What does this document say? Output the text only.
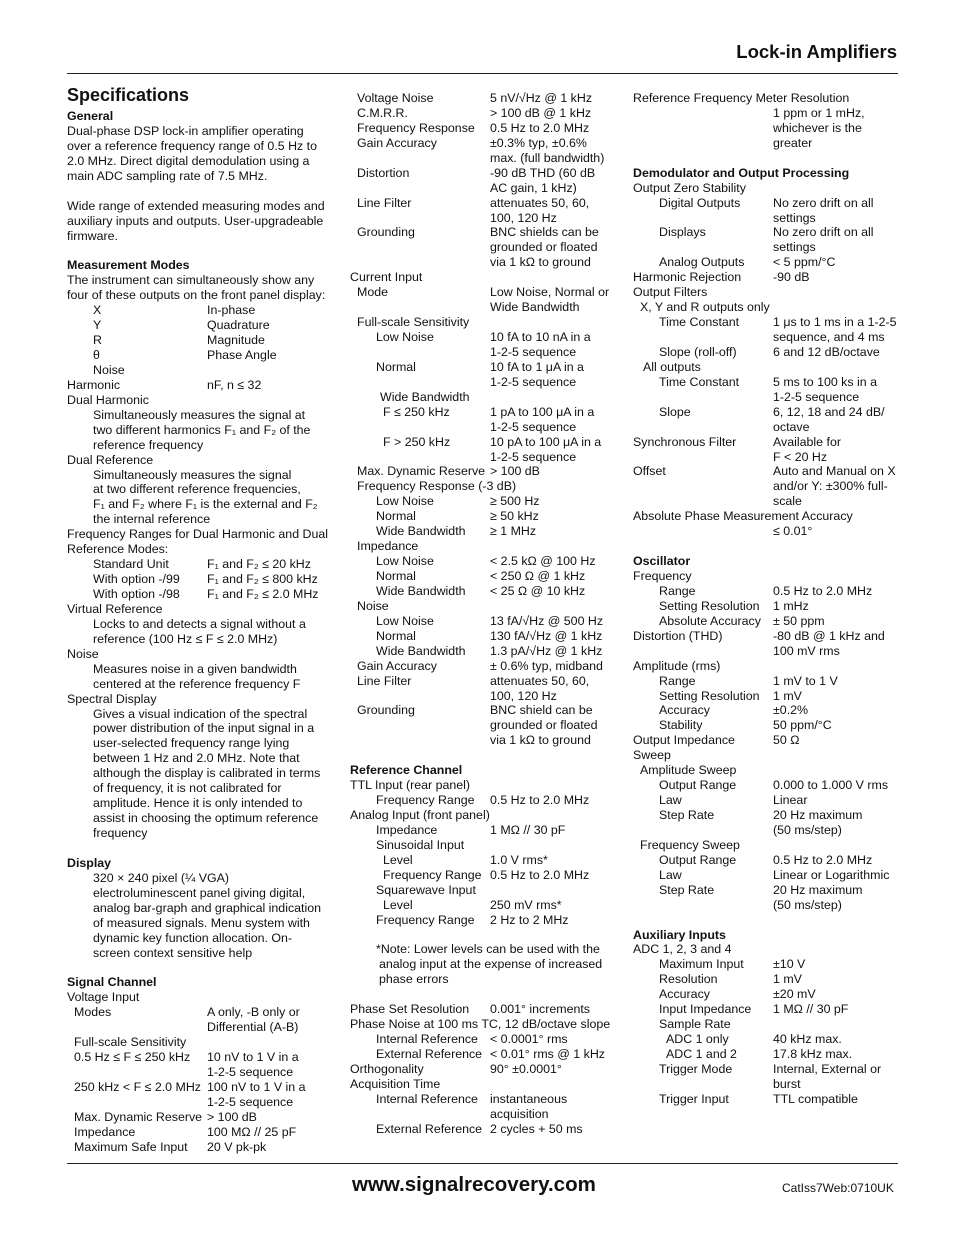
Lock-in Amplifiers
Specifications
General
Dual-phase DSP lock-in amplifier operating
over a reference frequency range of 0.5 Hz to
2.0 MHz. Direct digital demodulation using a
main ADC sampling rate of 7.5 MHz.
Wide range of extended measuring modes and
auxiliary inputs and outputs. User-upgradeable
firmware.
Measurement Modes
The instrument can simultaneously show any
four of these outputs on the front panel display:
X	In-phase
Y	Quadrature
R	Magnitude
θ	Phase Angle
Noise
Harmonic	nF, n ≤ 32
Dual Harmonic
Simultaneously measures the signal at
two different harmonics F₁ and F₂ of the
reference frequency
Dual Reference
Simultaneously measures the signal
at two different reference frequencies,
F₁ and F₂ where F₁ is the external and F₂
the internal reference
Frequency Ranges for Dual Harmonic and Dual
Reference Modes:
Standard Unit	F₁ and F₂ ≤ 20 kHz
With option -/99 F₁ and F₂ ≤ 800 kHz
With option -/98 F₁ and F₂ ≤ 2.0 MHz
Virtual Reference
Locks to and detects a signal without a
reference (100 Hz ≤ F ≤ 2.0 MHz)
Noise
Measures noise in a given bandwidth
centered at the reference frequency F
Spectral Display
Gives a visual indication of the spectral
power distribution of the input signal in a
user-selected frequency range lying
between 1 Hz and 2.0 MHz. Note that
although the display is calibrated in terms
of frequency, it is not calibrated for
amplitude. Hence it is only intended to
assist in choosing the optimum reference
frequency
Display
320 × 240 pixel (¼ VGA)
electroluminescent panel giving digital,
analog bar-graph and graphical indication
of measured signals. Menu system with
dynamic key function allocation. On-
screen context sensitive help
Signal Channel
Voltage Input
Modes	A only, -B only or
Differential (A-B)
Full-scale Sensitivity
0.5 Hz ≤ F ≤ 250 kHz 10 nV to 1 V in a
1-2-5 sequence
250 kHz < F ≤ 2.0 MHz 100 nV to 1 V in a
1-2-5 sequence
Max. Dynamic Reserve > 100 dB
Impedance	100 MΩ // 25 pF
Maximum Safe Input 20 V pk-pk
Voltage Noise	5 nV/√Hz @ 1 kHz
C.M.R.R.	> 100 dB @ 1 kHz
Frequency Response 0.5 Hz to 2.0 MHz
Gain Accuracy	±0.3% typ, ±0.6%
max. (full bandwidth)
Distortion	-90 dB THD (60 dB
AC gain, 1 kHz)
Line Filter	attenuates 50, 60,
100, 120 Hz
Grounding	BNC shields can be
grounded or floated
via 1 kΩ to ground
Current Input
Mode	Low Noise, Normal or
Wide Bandwidth
Full-scale Sensitivity
Low Noise	10 fA to 10 nA in a
1-2-5 sequence
Normal	10 fA to 1 μA in a
1-2-5 sequence
Wide Bandwidth
F ≤ 250 kHz	1 pA to 100 μA in a
1-2-5 sequence
F > 250 kHz	10 pA to 100 μA in a
1-2-5 sequence
Max. Dynamic Reserve > 100 dB
Frequency Response (-3 dB)
Low Noise	≥ 500 Hz
Normal	≥ 50 kHz
Wide Bandwidth ≥ 1 MHz
Impedance
Low Noise	< 2.5 kΩ @ 100 Hz
Normal	< 250 Ω @ 1 kHz
Wide Bandwidth < 25 Ω @ 10 kHz
Noise
Low Noise	13 fA/√Hz @ 500 Hz
Normal	130 fA/√Hz @ 1 kHz
Wide Bandwidth 1.3 pA/√Hz @ 1 kHz
Gain Accuracy	± 0.6% typ, midband
Line Filter	attenuates 50, 60,
100, 120 Hz
Grounding	BNC shield can be
grounded or floated
via 1 kΩ to ground
Reference Channel
TTL Input (rear panel)
Frequency Range 0.5 Hz to 2.0 MHz
Analog Input (front panel)
Impedance	1 MΩ // 30 pF
Sinusoidal Input
Level	1.0 V rms*
Frequency Range 0.5 Hz to 2.0 MHz
Squarewave Input
Level	250 mV rms*
Frequency Range 2 Hz to 2 MHz
*Note: Lower levels can be used with the
analog input at the expense of increased
phase errors
Phase Set Resolution 0.001° increments
Phase Noise at 100 ms TC, 12 dB/octave slope
Internal Reference < 0.0001° rms
External Reference < 0.01° rms @ 1 kHz
Orthogonality	90° ±0.0001°
Acquisition Time
Internal Reference instantaneous
acquisition
External Reference 2 cycles + 50 ms
Reference Frequency Meter Resolution
1 ppm or 1 mHz,
whichever is the
greater
Demodulator and Output Processing
Output Zero Stability
Digital Outputs	No zero drift on all
settings
Displays	No zero drift on all
settings
Analog Outputs < 5 ppm/°C
Harmonic Rejection	-90 dB
Output Filters
X, Y and R outputs only
Time Constant	1 μs to 1 ms in a 1-2-5
sequence, and 4 ms
Slope (roll-off)	6 and 12 dB/octave
All outputs
Time Constant	5 ms to 100 ks in a
1-2-5 sequence
Slope	6, 12, 18 and 24 dB/
octave
Synchronous Filter	Available for
F < 20 Hz
Offset	Auto and Manual on X
and/or Y: ±300% full-
scale
Absolute Phase Measurement Accuracy
≤ 0.01°
Oscillator
Frequency
Range	0.5 Hz to 2.0 MHz
Setting Resolution 1 mHz
Absolute Accuracy ± 50 ppm
Distortion (THD)	-80 dB @ 1 kHz and
100 mV rms
Amplitude (rms)
Range	1 mV to 1 V
Setting Resolution 1 mV
Accuracy	±0.2%
Stability	50 ppm/°C
Output Impedance	50 Ω
Sweep
Amplitude Sweep
Output Range	0.000 to 1.000 V rms
Law	Linear
Step Rate	20 Hz maximum
(50 ms/step)
Frequency Sweep
Output Range	0.5 Hz to 2.0 MHz
Law	Linear or Logarithmic
Step Rate	20 Hz maximum
(50 ms/step)
Auxiliary Inputs
ADC 1, 2, 3 and 4
Maximum Input ±10 V
Resolution	1 mV
Accuracy	±20 mV
Input Impedance 1 MΩ // 30 pF
Sample Rate
ADC 1 only	40 kHz max.
ADC 1 and 2	17.8 kHz max.
Trigger Mode	Internal, External or
burst
Trigger Input	TTL compatible
www.signalrecovery.com	CatIss7Web:0710UK
